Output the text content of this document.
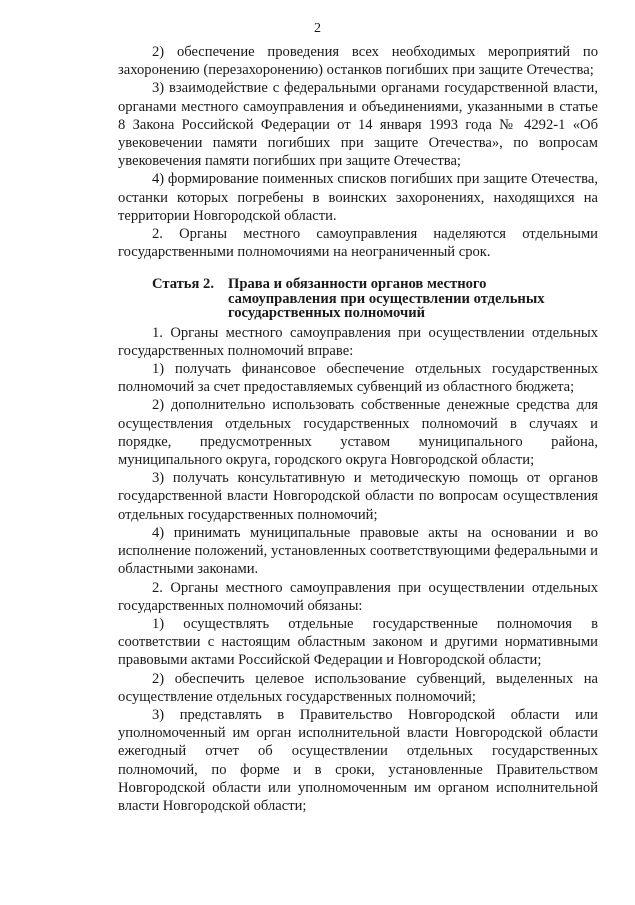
2

2) обеспечение проведения всех необходимых мероприятий по захоронению (перезахоронению) останков погибших при защите Отечества;

3) взаимодействие с федеральными органами государственной власти, органами местного самоуправления и объединениями, указанными в статье 8 Закона Российской Федерации от 14 января 1993 года № 4292-1 «Об увековечении памяти погибших при защите Отечества», по вопросам увековечения памяти погибших при защите Отечества;

4) формирование поименных списков погибших при защите Отечества, останки которых погребены в воинских захоронениях, находящихся на территории Новгородской области.

2. Органы местного самоуправления наделяются отдельными государственными полномочиями на неограниченный срок.

Статья 2. Права и обязанности органов местного самоуправления при осуществлении отдельных государственных полномочий

1. Органы местного самоуправления при осуществлении отдельных государственных полномочий вправе:

1) получать финансовое обеспечение отдельных государственных полномочий за счет предоставляемых субвенций из областного бюджета;

2) дополнительно использовать собственные денежные средства для осуществления отдельных государственных полномочий в случаях и порядке, предусмотренных уставом муниципального района, муниципального округа, городского округа Новгородской области;

3) получать консультативную и методическую помощь от органов государственной власти Новгородской области по вопросам осуществления отдельных государственных полномочий;

4) принимать муниципальные правовые акты на основании и во исполнение положений, установленных соответствующими федеральными и областными законами.

2. Органы местного самоуправления при осуществлении отдельных государственных полномочий обязаны:

1) осуществлять отдельные государственные полномочия в соответствии с настоящим областным законом и другими нормативными правовыми актами Российской Федерации и Новгородской области;

2) обеспечить целевое использование субвенций, выделенных на осуществление отдельных государственных полномочий;

3) представлять в Правительство Новгородской области или уполномоченный им орган исполнительной власти Новгородской области ежегодный отчет об осуществлении отдельных государственных полномочий, по форме и в сроки, установленные Правительством Новгородской области или уполномоченным им органом исполнительной власти Новгородской области;
